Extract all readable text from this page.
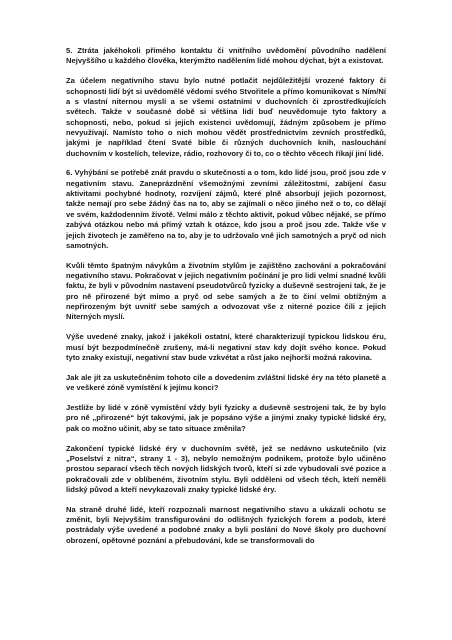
5. Ztráta jakéhokoli přímého kontaktu či vnitřního uvědomění původního nadělení Nejvyššího u každého člověka, kterýmžto nadělením lidé mohou dýchat, být a existovat.

Za účelem negativního stavu bylo nutné potlačit nejdůležitější vrozené faktory či schopnosti lidí být si uvědomělé vědomi svého Stvořitele a přímo komunikovat s Ním/Ní a s vlastní niternou myslí a se všemi ostatními v duchovních či zprostředkujících světech. Takže v současné době si většina lidí buď neuvědomuje tyto faktory a schopnosti, nebo, pokud si jejich existenci uvědomují, žádným způsobem je přímo nevyužívají. Namísto toho o nich mohou vědět prostřednictvím zevních prostředků, jakými je například čtení Svaté bible či různých duchovních knih, naslouchání duchovním v kostelích, televize, rádio, rozhovory či to, co o těchto věcech říkají jiní lidé.

6. Vyhýbání se potřebě znát pravdu o skutečnosti a o tom, kdo lidé jsou, proč jsou zde v negativním stavu. Zaneprázdnění všemožnými zevními záležitostmi, zabíjení času aktivitami pochybné hodnoty, rozvíjení zájmů, které plně absorbují jejich pozornost, takže nemají pro sebe žádný čas na to, aby se zajímali o něco jiného než o to, co dělají ve svém, každodenním životě. Velmi málo z těchto aktivit, pokud vůbec nějaké, se přímo zabývá otázkou nebo má přímý vztah k otázce, kdo jsou a proč jsou zde. Takže vše v jejich životech je zaměřeno na to, aby je to udržovalo vně jich samotných a pryč od nich samotných.

Kvůli těmto špatným návykům a životním stylům je zajištěno zachování a pokračování negativního stavu. Pokračovat v jejich negativním počínání je pro lidi velmi snadné kvůli faktu, že byli v původním nastavení pseudotvůrců fyzicky a duševně sestrojeni tak, že je pro ně přirozené být mimo a pryč od sebe samých a že to činí velmi obtížným a nepřirozeným být uvnitř sebe samých a odvozovat vše z niterné pozice čili z jejich Niterných myslí.

Výše uvedené znaky, jakož i jakékoli ostatní, které charakterizují typickou lidskou éru, musí být bezpodmínečně zrušeny, má-li negativní stav kdy dojít svého konce. Pokud tyto znaky existují, negativní stav bude vzkvétat a růst jako nejhorší možná rakovina.

Jak ale jít za uskutečněním tohoto cíle a dovedením zvláštní lidské éry na této planetě a ve veškeré zóně vymístění k jejímu konci?

Jestliže by lidé v zóně vymístění vždy byli fyzicky a duševně sestrojeni tak, že by bylo pro ně „přirozené“ být takovými, jak je popsáno výše a jinými znaky typické lidské éry, pak co možno učinit, aby se tato situace změnila?

Zakončení typické lidské éry v duchovním světě, jež se nedávno uskutečnilo (viz „Poselství z nitra“, strany 1 - 3), nebylo nemožným podnikem, protože bylo učiněno prostou separací všech těch nových lidských tvorů, kteří si zde vybudovali své pozice a pokračovali zde v oblíbeném, životním stylu. Byli odděleni od všech těch, kteří neměli lidský původ a kteří nevykazovali znaky typické lidské éry.

Na straně druhé lidé, kteří rozpoznali marnost negativního stavu a ukázali ochotu se změnit, byli Nejvyšším transfigurováni do odlišných fyzických forem a podob, které postrádaly výše uvedené a podobné znaky a byli posláni do Nové školy pro duchovní obrození, opětovné poznání a přebudování, kde se transformovali do
